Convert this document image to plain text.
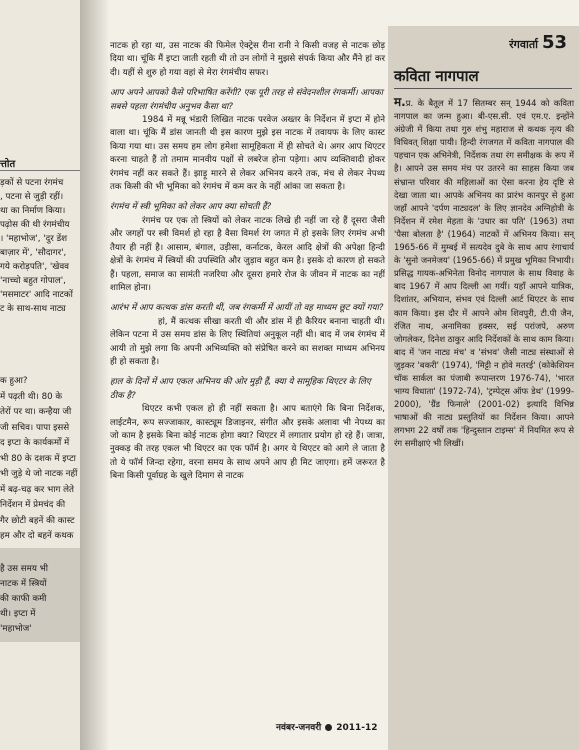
त्तोत
ड़कों से पटना रंगमंच
, पटना से जुड़ी रहीं।
था का निर्माण किया।
पढ़ोस की थी रंगमंचीय
। 'महाभोज', 'दुर डेंश
बाज़ार में', 'सौदागर',
गये करोड़पति', 'खेवव
'नाच्चो बहुत गोपाल',
'मसमाटर' आदि नाटकों
ट के साथ-साथ नाट्य
क हुआ?
में पढ़ती थी। 80 के
तेरों पर था। कन्हैया जी
जी सचिव। पापा इससे
द इप्टा के कार्यकर्मों में
भी 80 के दशक में इप्टा
भी जुड़े थे जो नाटक नहीं
में बढ़-चढ़ कर भाग लेते
निर्देशन में प्रेमचंद की
गैर छोटी बहनें की कास्ट
हम और दो बहनें कथक
है उस समय भी
नाटक में स्त्रियों
की काफी कमी
थी। इप्टा में
'महाभोज'

नाटक हो रहा था, उस नाटक की फिमेल ऐक्ट्रेस रीना रानी ने किसी वजह से नाटक छोड़ दिया था। चूंकि मैं इप्टा जाती रहती थी तो उन लोगों ने मुझसे संपर्क किया और मैंने हां कर दी। यहीं से शुरु हो गया वहां से मेरा रंगमंचीय सफर।

आप अपने आपको कैसे परिभाषित करेंगी? एक पूरी तरह से संवेदनशील रंगकर्मी। आपका सबसे पहला रंगमंचीय अनुभव कैसा था?

1984 में मन्नू भंडारी लिखित नाटक परवेज अख्तर के निर्देशन में इप्टा में होने वाला था। चूंकि मैं डांस जानती थी इस कारण मुझे इस नाटक में तवायफ के लिए कास्ट किया गया था। उस समय हम लोग हमेशा सामूहिकता में ही सोचते थे। अगर आप थिएटर करना चाहते हैं तो तमाम मानवीय पक्षों से लबरेज होना पड़ेगा। आप व्यक्तिवादी होकर रंगमंच नहीं कर सकते हैं। झाड़ू मारने से लेकर अभिनय करने तक, मंच से लेकर नेपथ्य तक किसी की भी भूमिका को रंगमंच में कम कर के नहीं आंका जा सकता है।

रंगमंच में स्त्री भूमिका को लेकर आप क्या सोचती हैं?

रंगमंच पर एक तो स्त्रियों को लेकर नाटक लिखे ही नहीं जा रहे हैं दूसरा जैसी और जगहों पर स्त्री विमर्श हो रहा है वैसा विमर्श रंग जगत में हो इसके लिए रंगमंच अभी तैयार ही नहीं है। आसाम, बंगाल, उड़ीसा, कर्नाटक, केरल आदि क्षेत्रों की अपेक्षा हिन्दी क्षेत्रों के रंगमंच में स्त्रियों की उपस्थिति और जुड़ाव बहुत कम है। इसके दो कारण हो सकते हैं। पहला, समाज का सामंती नजरिया और दूसरा हमारे रोज के जीवन में नाटक का नहीं शामिल होना।

आरंभ में आप कत्थक डांस करती थीं, जब रंगकर्मी में आयीं तो वह माध्यम छूट क्यों गया?

हां, मैं कत्थक सीखा करती थी और डांस में ही कैरियर बनाना चाहती थी। लेकिन पटना में उस समय डांस के लिए स्थितियां अनुकूल नहीं थी। बाद में जब रंगमंच में आयी तो मुझे लगा कि अपनी अभिव्यक्ति को संप्रेषित करने का सशक्त माध्यम अभिनय ही हो सकता है।

हाल के दिनों में आप एकल अभिनय की ओर मुड़ी हैं, क्या ये सामूहिक थिएटर के लिए ठीक है?

थिएटर कभी एकल हो ही नहीं सकता है। आप बताएंगे कि बिना निर्देशक, लाईटमैन, रूप सज्जाकार, कास्ट्यूम डिजाइनर, संगीत और इसके अलावा भी नेपथ्य का जो काम है इसके बिना कोई नाटक होगा क्या? थिएटर में लगातार प्रयोग हो रहे हैं। जात्रा, नुक्कड़ की तरह एकल भी थिएटर का एक फॉर्म है। अगर ये थिएटर को आगे ले जाता है तो ये फॉर्म जिन्दा रहेगा, वरना समय के साथ अपने आप ही मिट जाएगा। हमें जरूरत है बिना किसी पूर्वाग्रह के खुले दिमाग से नाटक

नवंबर-जनवरी 2011-12
रंगवार्ता 53
कविता नागपाल

म.प्र. के बैतूल में 17 सितम्बर सन् 1944 को कविता नागपाल का जन्म हुआ। बी-एस.सी. एवं एम.ए. इन्होंने अंग्रेजी में किया तथा गुरु शंभु महाराज से कथक नृत्य की विधिवत् शिक्षा पायी। हिन्दी रंगजगत में कविता नागपाल की पहचान एक अभिनेत्री, निर्देशक तथा रंग समीक्षक के रूप में है। आपने उस समय मंच पर उतरने का साहस किया जब संभ्रान्त परिवार की महिलाओं का ऐसा करना हेय दृष्टि से देखा जाता था। आपके अभिनय का प्रारंभ कानपुर से हुआ जहाँ आपने 'दर्पण नाट्यदल' के लिए ज्ञानदेव अग्निहोत्री के निर्देशन में रमेश मेहता के 'उधार का पति' (1963) तथा 'पैसा बोलता है' (1964) नाटकों में अभिनय किया। सन् 1965-66 में मुम्बई में सत्यदेव दुबे के साथ आप रंगाचार्य के 'सुनो जनमेजय' (1965-66) में प्रमुख भूमिका निभायी। प्रसिद्ध गायक-अभिनेता विनोद नागपाल के साथ विवाह के बाद 1967 में आप दिल्ली आ गयीं। यहाँ आपने यात्रिक, दिशांतर, अभियान, संभव एवं दिल्ली आर्ट थिएटर के साथ काम किया। इस दौर में आपने ओम शिवपुरी, टी.पी जैन, रंजित नाथ, अनामिका हक्सर, सई परांजपे, अरुण जोगलेकर, दिनेश ठाकुर आदि निर्देशकों के साथ काम किया। बाद में 'जन नाट्य मंच' व 'संभव' जैसी नाट्य संस्थाओं से जुड़कर 'बकरी' (1974), 'मिट्टी न होवे मतरई' (कोकेशियन चॉक सार्कल का पंजाबी रूपान्तरण 1976-74), 'भारत भाग्य विधाता' (1972-74), 'ट्रम्पेट्स ऑफ डेथ' (1999-2000), 'ग्रैंड फिनाले' (2001-02) इत्यादि विभिन्न भाषाओं की नाट्य प्रस्तुतियों का निर्देशन किया। आपने लगभग 22 वर्षों तक 'हिन्दुस्तान टाइम्स' में नियमित रूप से रंग समीक्षाएं भी लिखीं।
